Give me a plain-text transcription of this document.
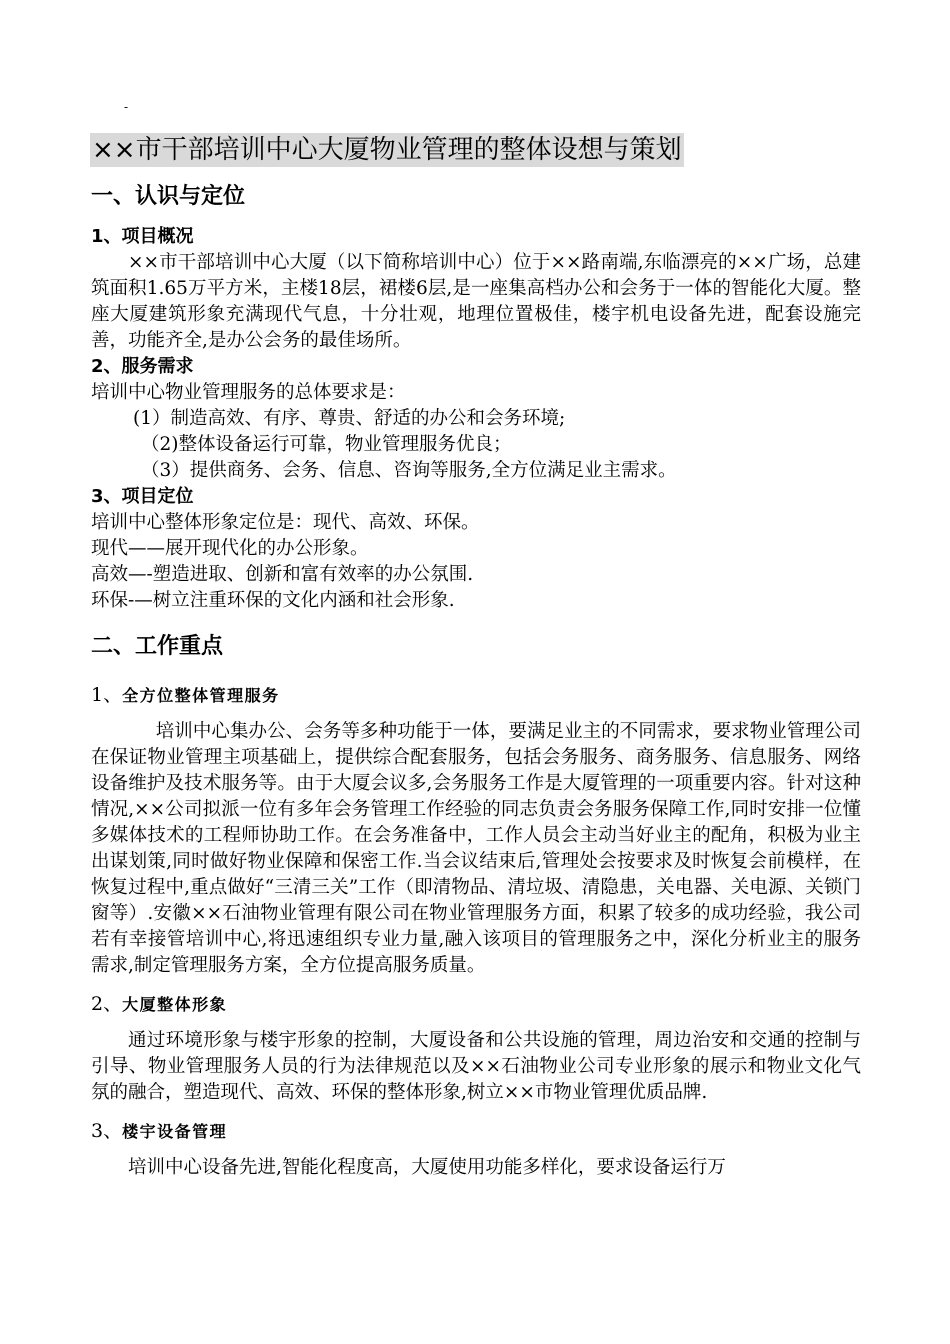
-
××市干部培训中心大厦物业管理的整体设想与策划
一、认识与定位
1、项目概况

××市干部培训中心大厦（以下简称培训中心）位于××路南端,东临漂亮的××广场，总建筑面积1.65万平方米，主楼18层，裙楼6层,是一座集高档办公和会务于一体的智能化大厦。整座大厦建筑形象充满现代气息，十分壮观，地理位置极佳，楼宇机电设备先进，配套设施完善，功能齐全,是办公会务的最佳场所。

2、服务需求

培训中心物业管理服务的总体要求是：

(1）制造高效、有序、尊贵、舒适的办公和会务环境;

（2)整体设备运行可靠，物业管理服务优良；

（3）提供商务、会务、信息、咨询等服务,全方位满足业主需求。

3、项目定位

培训中心整体形象定位是：现代、高效、环保。

现代——展开现代化的办公形象。

高效—-塑造进取、创新和富有效率的办公氛围.

环保-—树立注重环保的文化内涵和社会形象.

二、工作重点
1、全方位整体管理服务

培训中心集办公、会务等多种功能于一体，要满足业主的不同需求，要求物业管理公司在保证物业管理主项基础上，提供综合配套服务，包括会务服务、商务服务、信息服务、网络设备维护及技术服务等。由于大厦会议多,会务服务工作是大厦管理的一项重要内容。针对这种情况,××公司拟派一位有多年会务管理工作经验的同志负责会务服务保障工作,同时安排一位懂多媒体技术的工程师协助工作。在会务准备中，工作人员会主动当好业主的配角，积极为业主出谋划策,同时做好物业保障和保密工作.当会议结束后,管理处会按要求及时恢复会前模样，在恢复过程中,重点做好“三清三关”工作（即清物品、清垃圾、清隐患，关电器、关电源、关锁门窗等）.安徽××石油物业管理有限公司在物业管理服务方面，积累了较多的成功经验，我公司若有幸接管培训中心,将迅速组织专业力量,融入该项目的管理服务之中，深化分析业主的服务需求,制定管理服务方案，全方位提高服务质量。

2、大厦整体形象

通过环境形象与楼宇形象的控制，大厦设备和公共设施的管理，周边治安和交通的控制与引导、物业管理服务人员的行为法律规范以及××石油物业公司专业形象的展示和物业文化气氛的融合，塑造现代、高效、环保的整体形象,树立××市物业管理优质品牌.

3、楼宇设备管理

培训中心设备先进,智能化程度高，大厦使用功能多样化，要求设备运行万
